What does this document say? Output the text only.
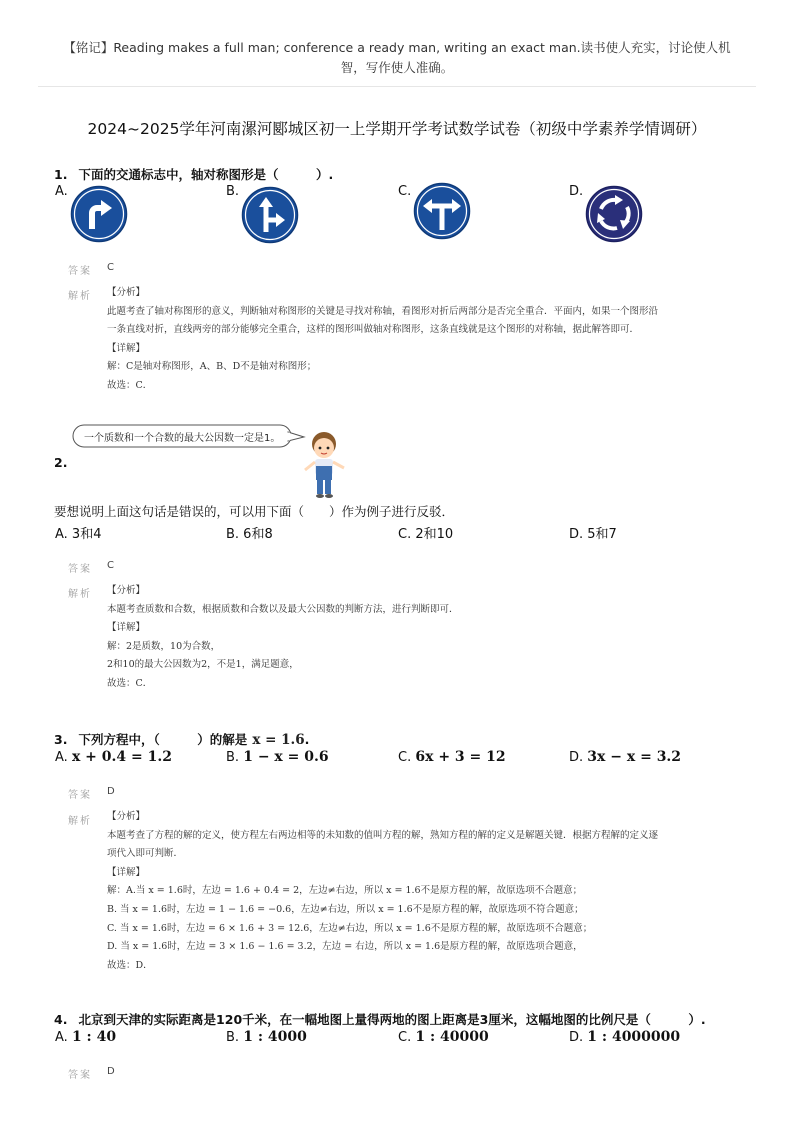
【铭记】Reading makes a full man; conference a ready man, writing an exact man.读书使人充实，讨论使人机
智，写作使人准确。
2024~2025学年河南漯河郾城区初一上学期开学考试数学试卷（初级中学素养学情调研）
1. 下面的交通标志中，轴对称图形是（　　　）.
A.	B.	C.	D.
答案 C
解析 【分析】
此题考查了轴对称图形的意义，判断轴对称图形的关键是寻找对称轴，看图形对折后两部分是否完全重合．平面内，如果一个图形沿
一条直线对折，直线两旁的部分能够完全重合，这样的图形叫做轴对称图形，这条直线就是这个图形的对称轴，据此解答即可．
【详解】
解：C是轴对称图形，A、B、D不是轴对称图形；
故选：C．
一个质数和一个合数的最大公因数一定是1。
2.
要想说明上面这句话是错误的，可以用下面（　　）作为例子进行反驳．
A. 3和4	B. 6和8	C. 2和10	D. 5和7
答案 C
解析 【分析】
本题考查质数和合数，根据质数和合数以及最大公因数的判断方法，进行判断即可．
【详解】
解：2是质数，10为合数，
2和10的最大公因数为2，不是1，满足题意，
故选：C．
3. 下列方程中，（　　　）的解是 x = 1.6.
A. x + 0.4 = 1.2	B. 1 − x = 0.6	C. 6x + 3 = 12	D. 3x − x = 3.2
答案 D
解析 【分析】
本题考查了方程的解的定义，使方程左右两边相等的未知数的值叫方程的解，熟知方程的解的定义是解题关键．根据方程解的定义逐
项代入即可判断．
【详解】
解：A.当 x = 1.6时，左边 = 1.6 + 0.4 = 2，左边≠右边，所以 x = 1.6不是原方程的解，故原选项不合题意；
B. 当 x = 1.6时，左边 = 1 − 1.6 = −0.6，左边≠右边，所以 x = 1.6不是原方程的解，故原选项不符合题意；
C. 当 x = 1.6时，左边 = 6 × 1.6 + 3 = 12.6，左边≠右边，所以 x = 1.6不是原方程的解，故原选项不合题意；
D. 当 x = 1.6时，左边 = 3 × 1.6 − 1.6 = 3.2，左边 = 右边，所以 x = 1.6是原方程的解，故原选项合题意，
故选：D．
4. 北京到天津的实际距离是120千米，在一幅地图上量得两地的图上距离是3厘米，这幅地图的比例尺是（　　　）.
A. 1 : 40	B. 1 : 4000	C. 1 : 40000	D. 1 : 4000000
答案 D
